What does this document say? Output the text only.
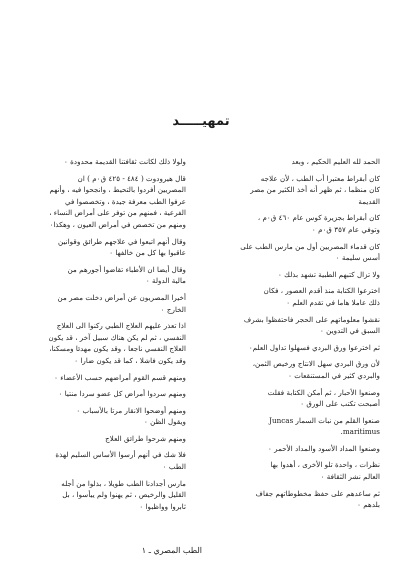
تمهيـــــد

الحمد لله العليم الحكيم ، وبعد

كان أبقراط معتبرا أب الطب ، لأن علاجه
كان منظما ، ثم ظهر أنه أخذ الكثير من مصر
القديمة

كان أبقراط بجزيرة كوس عام ٤٦٠ ق٠م ،
وتوفي عام ٣٥٧ ق٠م ٠

كان قدماء المصريين أول من مارس الطب على
أسس سليمة ٠

ولا تزال كتبهم الطبية تشهد بذلك ٠

اخترعوا الكتابة منذ أقدم العصور ، فكان
ذلك عاملا هاما في تقدم العلم ٠

نقشوا معلوماتهم على الحجر فاحتفظوا بشرف
السبق في التدوين ٠

ثم اخترعوا ورق البردي فسهلوا تداول العلم٠

لأن ورق البردي سهل الانتاج ورخيص الثمن،
والبردي كثير في المستنقعات ٠

وصنعوا الأحبار ، ثم أمكن الكتابة فقلت
أصبحت تكتب على الورق ٠

صنعوا القلم من نبات السمار Juncas
maritimus.

وصنعوا المداد الأسود والمداد الأحمر ٠

نظرات ، واحدة تلو الأخرى ، أهدوا بها
العالم نشر الثقافة ٠

ثم ساعدهم على حفظ مخطوطاتهم جفاف
بلدهم ٠

ولولا ذلك لكانت ثقافتنا القديمة محدودة ٠

قال هيرودوت ( ٤٨٤ - ٤٢٥ ق٠م ) ان
المصريين أفردوا بالتحيط ، وانجحوا فيه ، وأنهم
عرفوا الطب معرفة جيدة ، وتخصصوا في
الفرعية ، فمنهم من توفر على أمراض النساء ،
ومنهم من تخصص في أمراض العيون ، وهكذا٠

وقال أنهم اتبعوا في علاجهم طرائق وقوانين
عاقبوا بها كل من خالفها ٠

وقال أيضا ان الأطباء تقاضوا أجورهم من
مالية الدولة ٠

أخيرا المصريون عن أمراض دخلت مصر من
الخارج ٠

اذا تعذر عليهم العلاج الطبي ركنوا الى العلاج
النفسي ، ثم لم يكن هناك سبيل آخر ، قد يكون
العلاج النفسي ناجعا ، وقد يكون مهدئا ومسكنا،
وقد يكون فاشلا ، كما قد يكون ضارا ٠

ومنهم قسم القوم أمراضهم حسب الأعضاء ٠

ومنهم سردوا أمراض كل عضو سردا منتيا ٠

ومنهم أوضحوا الانقار مرتا بالأسباب ٠
ويقول الظن ٠

ومنهم شرحوا طرائق العلاج

فلا شك في أنهم أرسوا الأساس السليم لهذة
الطب ٠

مارس أجدادنا الطب طويلا ، بذلوا من أجله
القليل والرخيص ، ثم يهنوا ولم ييأسوا ، بل
ثابروا وواظبوا ٠

الطب المصري ـ ١
